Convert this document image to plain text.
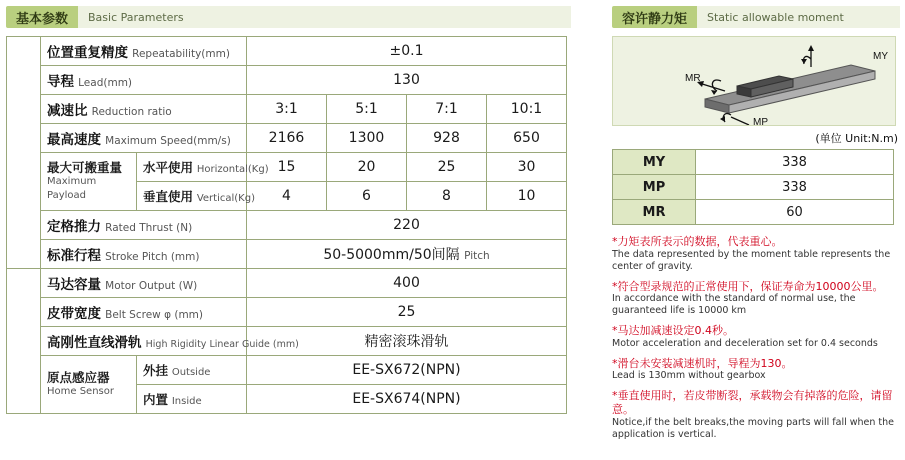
基本参数	Basic Parameters
性能
Spec	位置重复精度 Repeatability(mm)		±0.1			
	导程 Lead(mm)		130			
	减速比 Reduction ratio		3:1	5:1	7:1	10:1
	最高速度 Maximum Speed(mm/s)		2166	1300	928	650

	最大可搬重量
Maximum Payload	水平使用 Horizontal(Kg)	15	20	25	30
		垂直使用 Vertical(Kg)	4	6	8	10
	定格推力 Rated Thrust (N)		220			
	标准行程 Stroke Pitch (mm)		50-5000mm/50间隔 Pitch			

配件
Parts	马达容量 Motor Output (W)		400			
	皮带宽度 Belt Screw φ (mm)		25			
	高刚性直线滑轨 High Rigidity Linear Guide (mm)		精密滚珠滑轨			

	原点感应器
Home Sensor	外挂 Outside	EE-SX672(NPN)			
		内置 Inside	EE-SX674(NPN)			
容许静力矩	Static allowable moment
MY
MR
MP
(单位 Unit:N.m)
MY	338
MP	338
MR	60
*力矩表所表示的数据，代表重心。
The data represented by the moment table represents the center of gravity.
*符合型录规范的正常使用下，保证寿命为10000公里。
In accordance with the standard of normal use, the guaranteed life is 10000 km
*马达加减速设定0.4秒。
Motor acceleration and deceleration set for 0.4 seconds
*滑台未安装减速机时，导程为130。
Lead is 130mm without gearbox
*垂直使用时，若皮带断裂，承载物会有掉落的危险，请留意。
Notice,if the belt breaks,the moving parts will fall when the application is vertical.
